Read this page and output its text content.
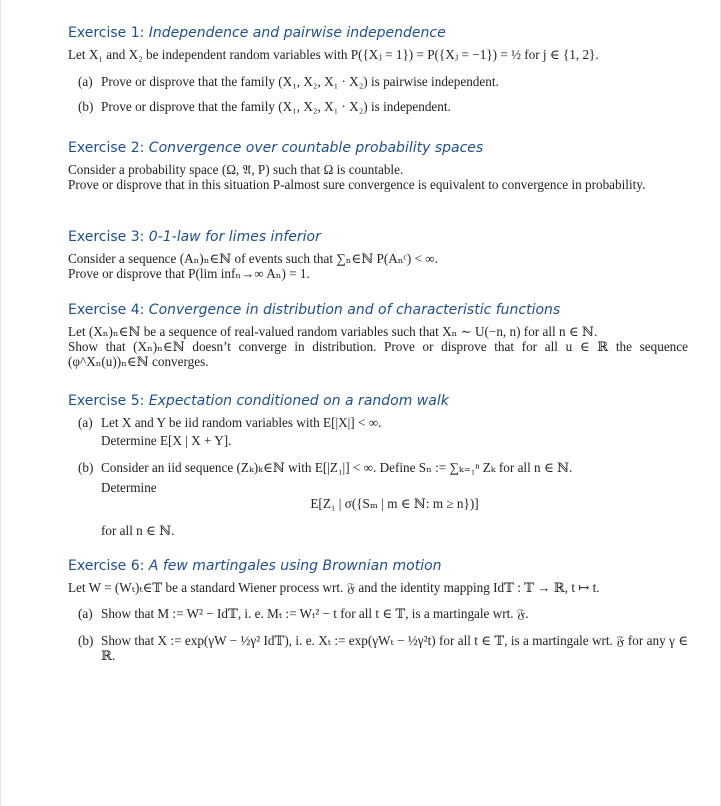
Exercise 1: Independence and pairwise independence

Let X₁ and X₂ be independent random variables with P({Xⱼ = 1}) = P({Xⱼ = −1}) = ½ for j ∈ {1, 2}.

(a) Prove or disprove that the family (X₁, X₂, X₁ · X₂) is pairwise independent.

(b) Prove or disprove that the family (X₁, X₂, X₁ · X₂) is independent.

Exercise 2: Convergence over countable probability spaces

Consider a probability space (Ω, 𝔄, P) such that Ω is countable.

Prove or disprove that in this situation P-almost sure convergence is equivalent to convergence in probability.

Exercise 3: 0-1-law for limes inferior

Consider a sequence (Aₙ)ₙ∈ℕ of events such that ∑ₙ∈ℕ P(Aₙᶜ) < ∞.

Prove or disprove that P(lim infₙ→∞ Aₙ) = 1.

Exercise 4: Convergence in distribution and of characteristic functions

Let (Xₙ)ₙ∈ℕ be a sequence of real-valued random variables such that Xₙ ∼ U(−n, n) for all n ∈ ℕ.

Show that (Xₙ)ₙ∈ℕ doesn’t converge in distribution. Prove or disprove that for all u ∈ ℝ the sequence (φ^Xₙ(u))ₙ∈ℕ converges.

Exercise 5: Expectation conditioned on a random walk
(a) Let X and Y be iid random variables with E[|X|] < ∞.
Determine E[X | X + Y].
(b) Consider an iid sequence (Zₖ)ₖ∈ℕ with E[|Z₁|] < ∞. Define Sₙ := ∑ₖ₌₁ⁿ Zₖ for all n ∈ ℕ.
Determine
E[Z₁ | σ({Sₘ | m ∈ ℕ: m ≥ n})]
for all n ∈ ℕ.
Exercise 6: A few martingales using Brownian motion

Let W = (Wₜ)ₜ∈𝕋 be a standard Wiener process wrt. 𝔉 and the identity mapping Id𝕋 : 𝕋 → ℝ, t ↦ t.

(a) Show that M := W² − Id𝕋, i. e. Mₜ := Wₜ² − t for all t ∈ 𝕋, is a martingale wrt. 𝔉.

(b) Show that X := exp(γW − ½γ² Id𝕋), i. e. Xₜ := exp(γWₜ − ½γ²t) for all t ∈ 𝕋, is a martingale wrt. 𝔉 for any γ ∈ ℝ.
